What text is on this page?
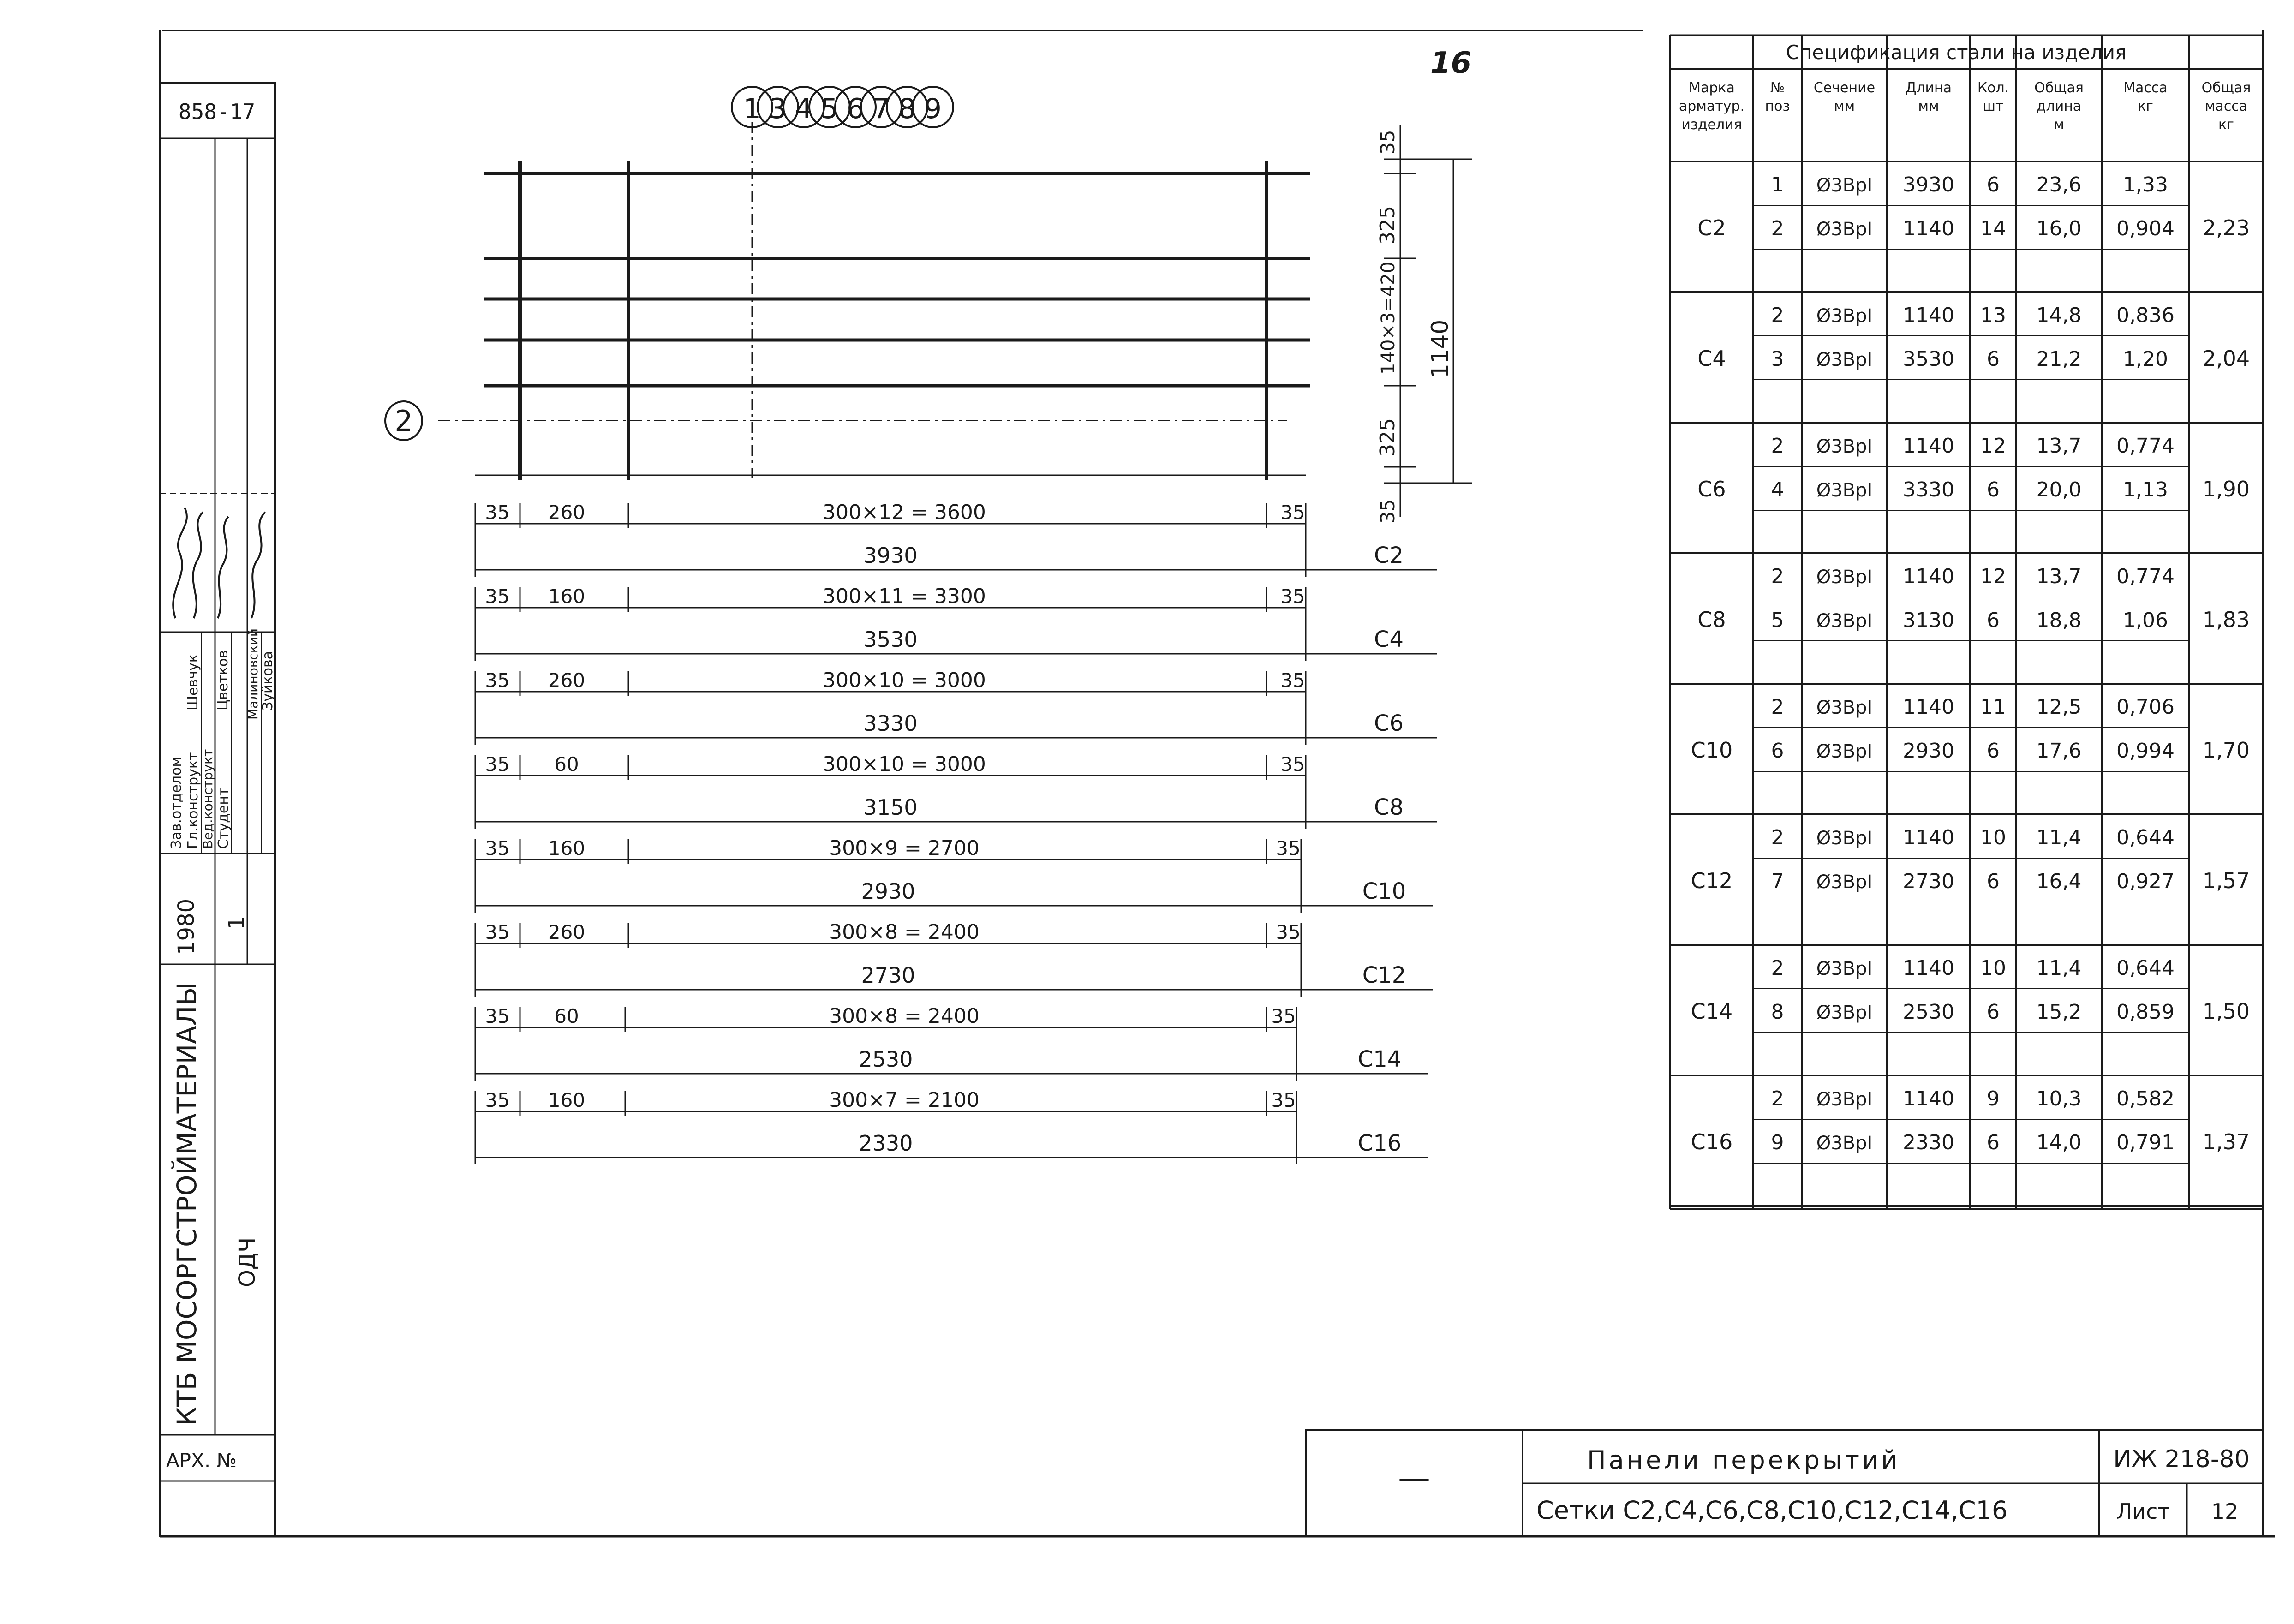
16
858-17
Зав.отделом Гл.конструкт
Вед.конструкт Студент
Шевчук Цветков Малиновский
Зуйкова
1980 1
КТБ МОСОРГСТРОЙМАТЕРИАЛЫ ОДЧ
АРХ. №
1 3 4 5 6 7 8 9
2
35
325
140×3=420
325
35
1140
35 260	300×12 = 3600	35
3930	С2
35 160	300×11 = 3300	35
3530	С4
35 260	300×10 = 3000	35
3330	С6
35 60	300×10 = 3000	35
3150	С8
35 160	300×9 = 2700	35
2930	С10
35 260	300×8 = 2400	35
2730	С12
35 60	300×8 = 2400	35
2530	С14
35 160	300×7 = 2100	35
2330	С16
Спецификация стали на изделия
Марка арматур. изделия
№ поз
Сечение мм
Длина мм
Кол. шт
Общая длина м
Масса кг
Общая масса кг
С2	2,23
1 Ø3BpI 3930 6 23,6 1,33
2 Ø3BpI 1140 14 16,0 0,904
С4	2,04
2 Ø3BpI 1140 13 14,8 0,836
3 Ø3BpI 3530 6 21,2 1,20
С6	1,90
2 Ø3BpI 1140 12 13,7 0,774
4 Ø3BpI 3330 6 20,0 1,13
С8	1,83
2 Ø3BpI 1140 12 13,7 0,774
5 Ø3BpI 3130 6 18,8 1,06
С10	1,70
2 Ø3BpI 1140 11 12,5 0,706
6 Ø3BpI 2930 6 17,6 0,994
С12	1,57
2 Ø3BpI 1140 10 11,4 0,644
7 Ø3BpI 2730 6 16,4 0,927
С14	1,50
2 Ø3BpI 1140 10 11,4 0,644
8 Ø3BpI 2530 6 15,2 0,859
С16	1,37
2 Ø3BpI 1140 9 10,3 0,582
9 Ø3BpI 2330 6 14,0 0,791
—	Панели перекрытий
Сетки С2,С4,С6,С8,С10,С12,С14,С16
ИЖ 218-80
Лист 12
